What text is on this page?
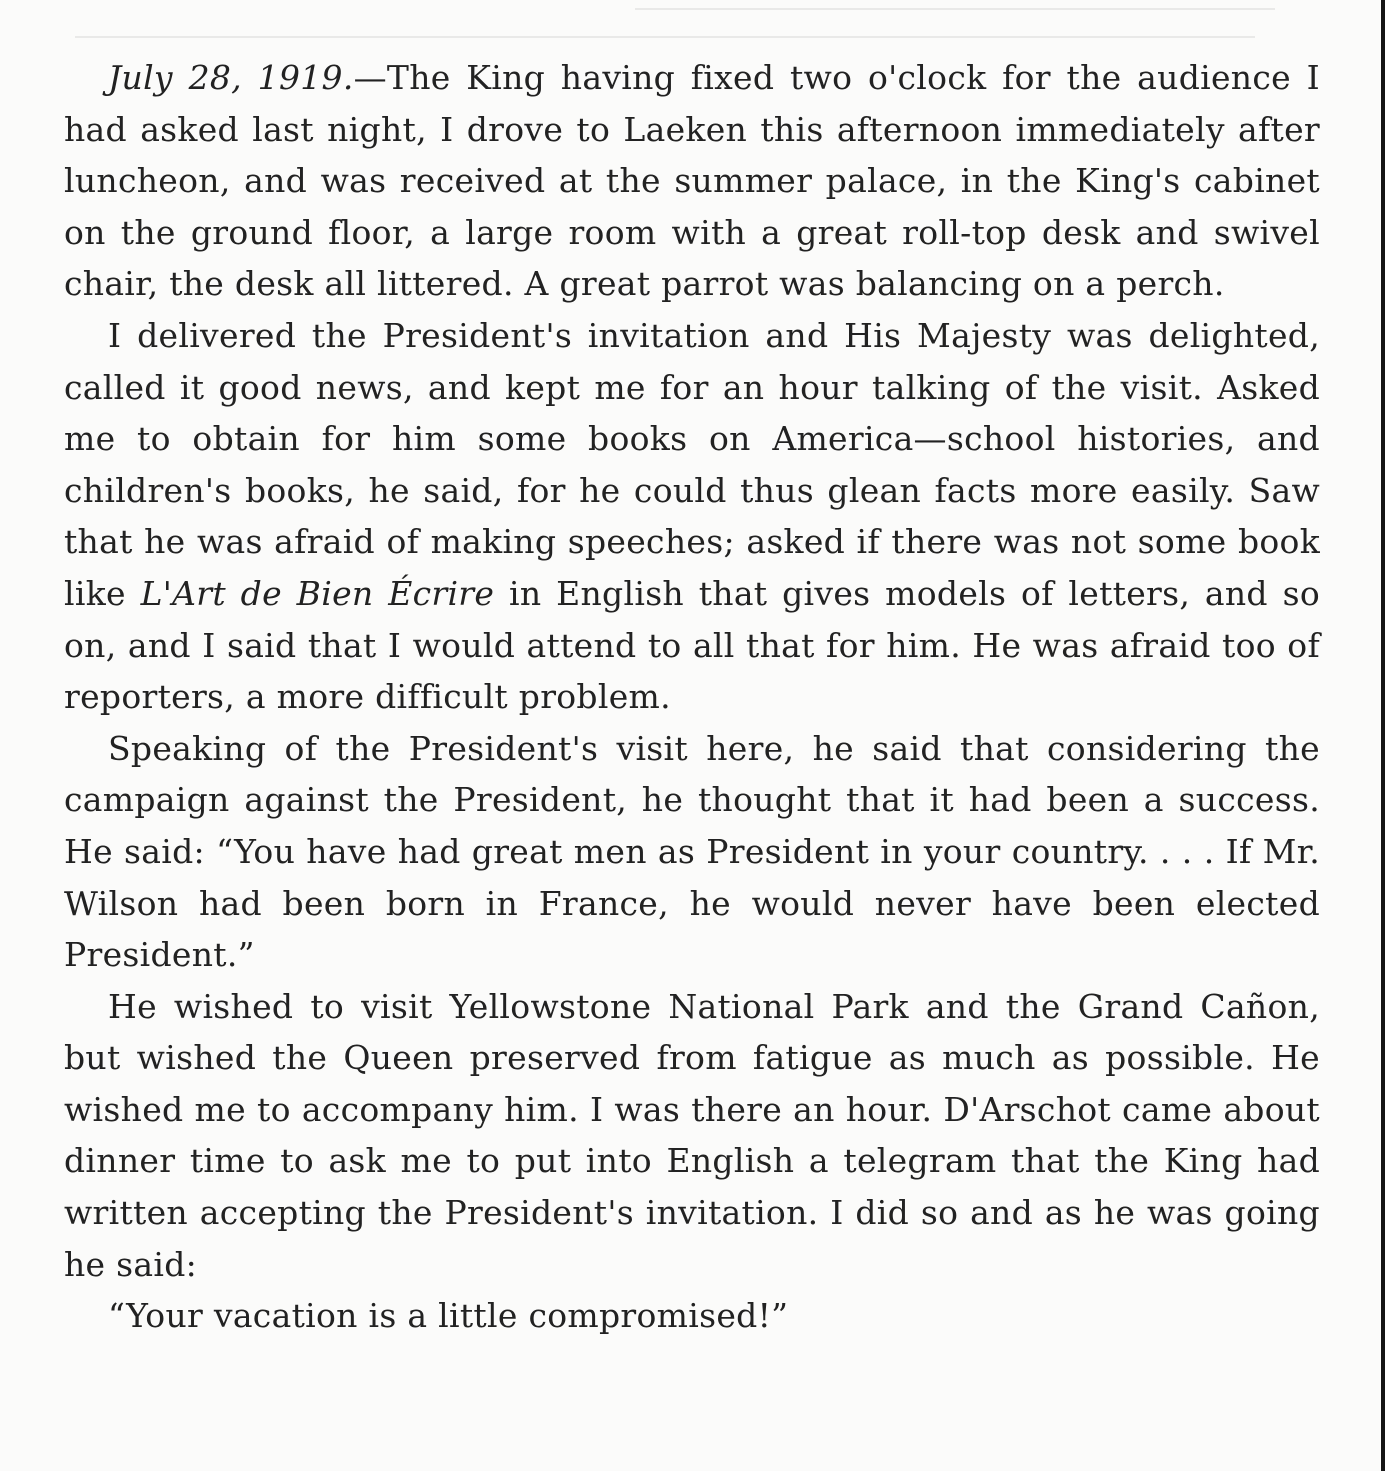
July 28, 1919.—The King having fixed two o'clock for the audience I had asked last night, I drove to Laeken this afternoon immediately after luncheon, and was received at the summer palace, in the King's cabinet on the ground floor, a large room with a great roll-top desk and swivel chair, the desk all littered. A great parrot was balancing on a perch.

I delivered the President's invitation and His Majesty was delighted, called it good news, and kept me for an hour talking of the visit. Asked me to obtain for him some books on America—school histories, and children's books, he said, for he could thus glean facts more easily. Saw that he was afraid of making speeches; asked if there was not some book like L'Art de Bien Écrire in English that gives models of letters, and so on, and I said that I would attend to all that for him. He was afraid too of reporters, a more difficult problem.

Speaking of the President's visit here, he said that considering the campaign against the President, he thought that it had been a success. He said: “You have had great men as President in your country. . . . If Mr. Wilson had been born in France, he would never have been elected President.”

He wished to visit Yellowstone National Park and the Grand Cañon, but wished the Queen preserved from fatigue as much as possible. He wished me to accompany him. I was there an hour. D'Arschot came about dinner time to ask me to put into English a telegram that the King had written accepting the President's invitation. I did so and as he was going he said:

“Your vacation is a little compromised!”
